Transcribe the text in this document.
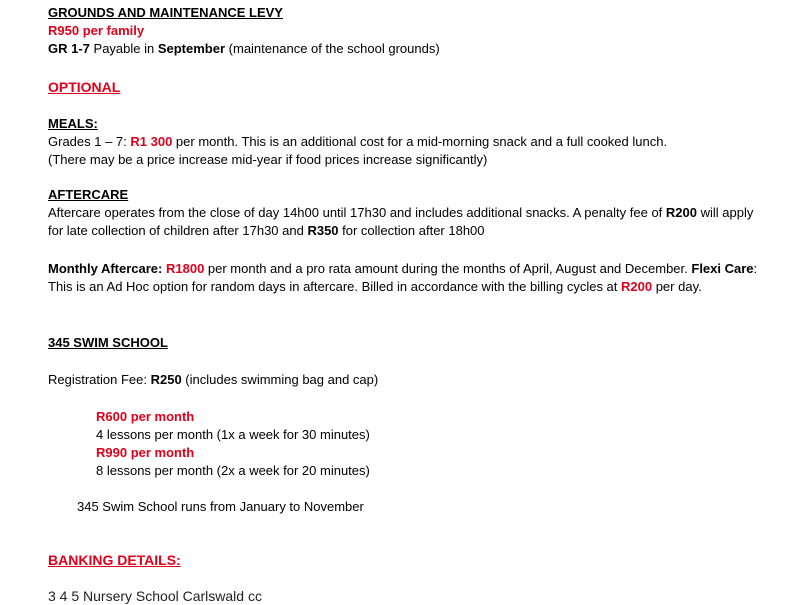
GROUNDS AND MAINTENANCE LEVY

R950 per family

GR 1-7 Payable in September (maintenance of the school grounds)

OPTIONAL

MEALS:

Grades 1 – 7: R1 300 per month. This is an additional cost for a mid-morning snack and a full cooked lunch.

(There may be a price increase mid-year if food prices increase significantly)

AFTERCARE

Aftercare operates from the close of day 14h00 until 17h30 and includes additional snacks. A penalty fee of R200 will apply for late collection of children after 17h30 and R350 for collection after 18h00

Monthly Aftercare: R1800 per month and a pro rata amount during the months of April, August and December. Flexi Care: This is an Ad Hoc option for random days in aftercare. Billed in accordance with the billing cycles at R200 per day.

345 SWIM SCHOOL

Registration Fee: R250 (includes swimming bag and cap)

R600 per month

4 lessons per month (1x a week for 30 minutes)

R990 per month

8 lessons per month (2x a week for 20 minutes)

345 Swim School runs from January to November

BANKING DETAILS:

3 4 5 Nursery School Carlswald cc
